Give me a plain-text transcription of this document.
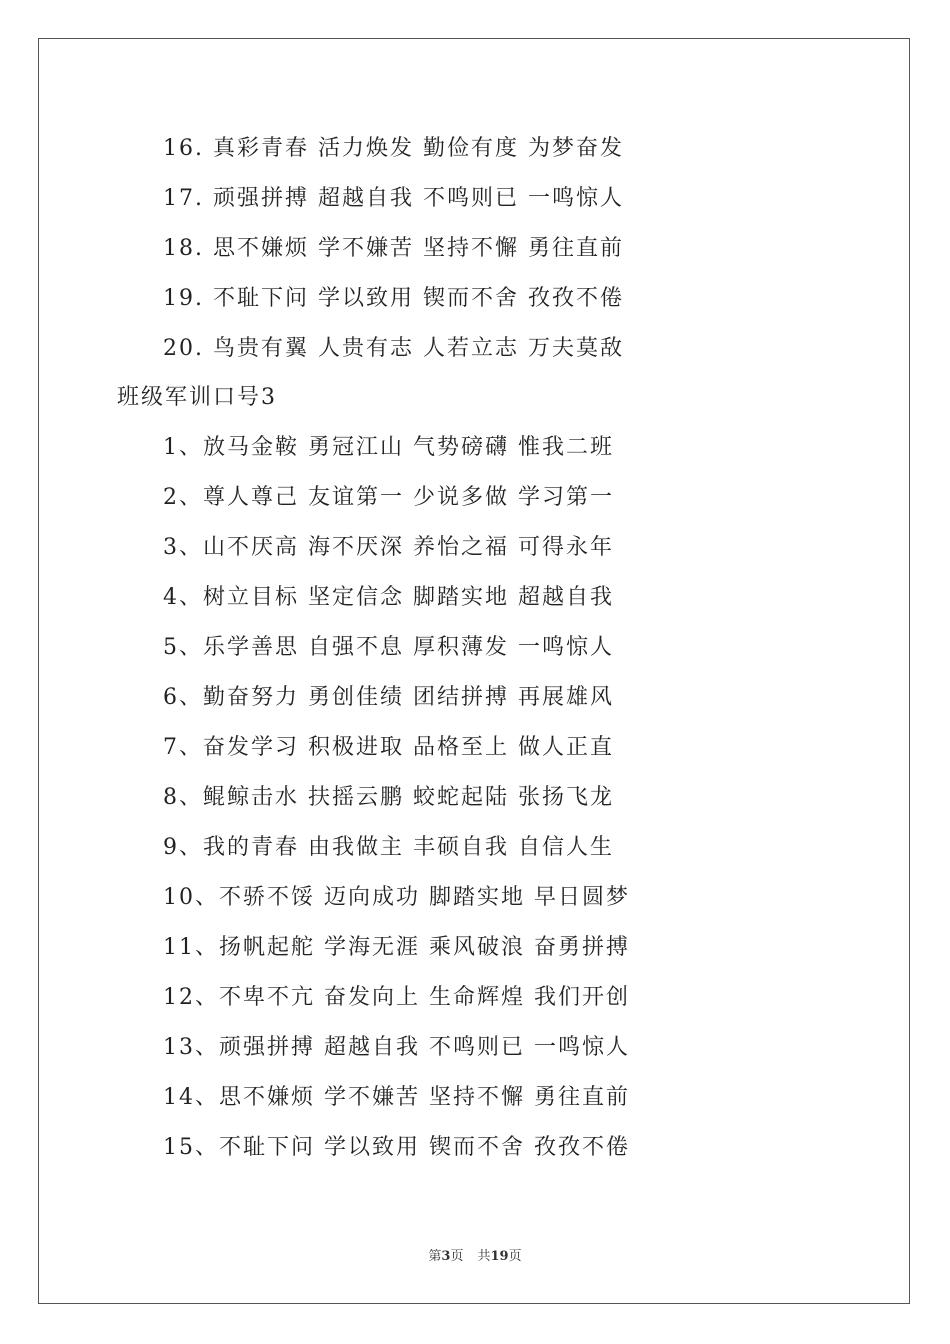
16. 真彩青春 活力焕发 勤俭有度 为梦奋发
17. 顽强拼搏 超越自我 不鸣则已 一鸣惊人
18. 思不嫌烦 学不嫌苦 坚持不懈 勇往直前
19. 不耻下问 学以致用 锲而不舍 孜孜不倦
20. 鸟贵有翼 人贵有志 人若立志 万夫莫敌
班级军训口号3
1、放马金鞍 勇冠江山 气势磅礴 惟我二班
2、尊人尊己 友谊第一 少说多做 学习第一
3、山不厌高 海不厌深 养怡之福 可得永年
4、树立目标 坚定信念 脚踏实地 超越自我
5、乐学善思 自强不息 厚积薄发 一鸣惊人
6、勤奋努力 勇创佳绩 团结拼搏 再展雄风
7、奋发学习 积极进取 品格至上 做人正直
8、鲲鲸击水 扶摇云鹏 蛟蛇起陆 张扬飞龙
9、我的青春 由我做主 丰硕自我 自信人生
10、不骄不馁 迈向成功 脚踏实地 早日圆梦
11、扬帆起舵 学海无涯 乘风破浪 奋勇拼搏
12、不卑不亢 奋发向上 生命辉煌 我们开创
13、顽强拼搏 超越自我 不鸣则已 一鸣惊人
14、思不嫌烦 学不嫌苦 坚持不懈 勇往直前
15、不耻下问 学以致用 锲而不舍 孜孜不倦
第3页 共19页
